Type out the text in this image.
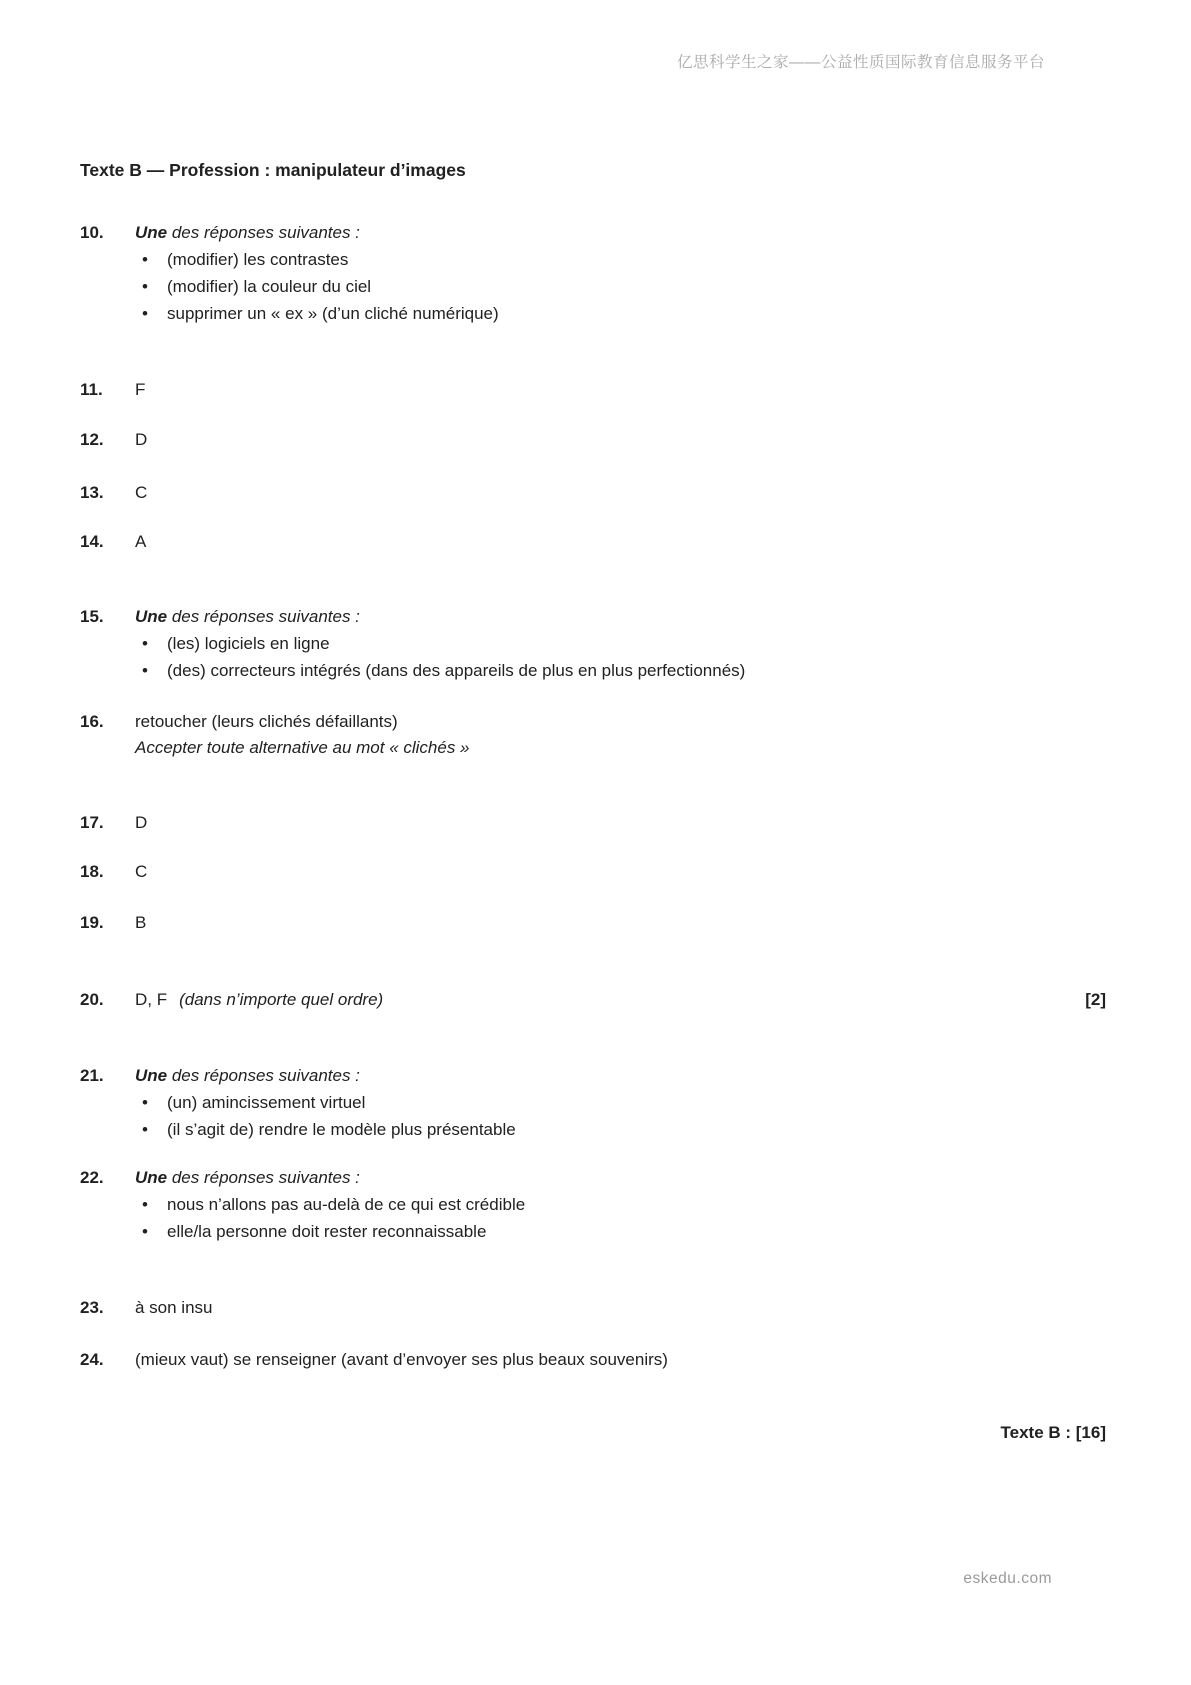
亿思科学生之家——公益性质国际教育信息服务平台
Texte B — Profession : manipulateur d’images
10.	Une des réponses suivantes :
•	(modifier) les contrastes
•	(modifier) la couleur du ciel
•	supprimer un « ex » (d’un cliché numérique)
11.	F
12.	D
13.	C
14.	A
15.	Une des réponses suivantes :
•	(les) logiciels en ligne
•	(des) correcteurs intégrés (dans des appareils de plus en plus perfectionnés)
16.	retoucher (leurs clichés défaillants)
Accepter toute alternative au mot « clichés »
17.	D
18.	C
19.	B
20.	D, F (dans n’importe quel ordre)	[2]
21.	Une des réponses suivantes :
•	(un) amincissement virtuel
•	(il s’agit de) rendre le modèle plus présentable
22.	Une des réponses suivantes :
•	nous n’allons pas au-delà de ce qui est crédible
•	elle/la personne doit rester reconnaissable
23.	à son insu
24.	(mieux vaut) se renseigner (avant d’envoyer ses plus beaux souvenirs)
Texte B : [16]
eskedu.com
